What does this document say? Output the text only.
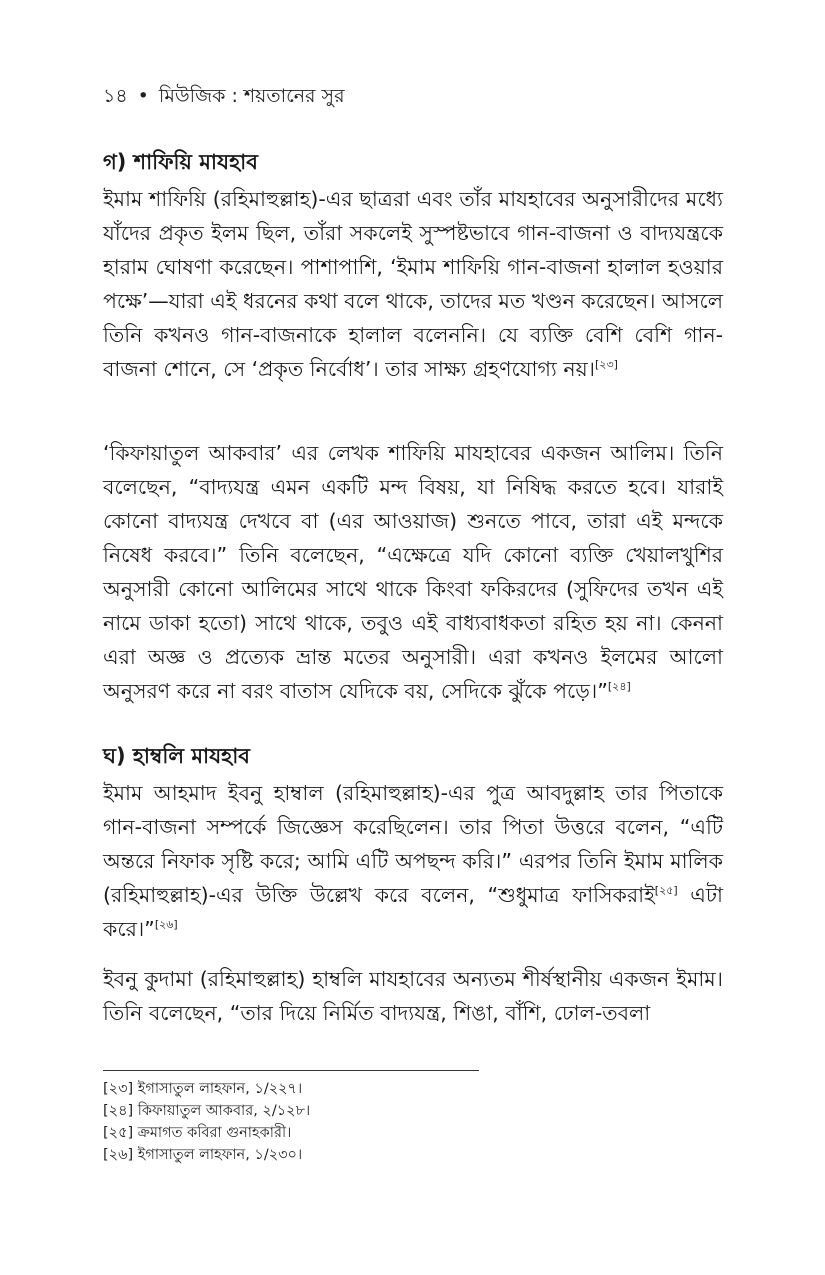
১৪ • মিউজিক : শয়তানের সুর
গ) শাফিয়ি মাযহাব

ইমাম শাফিয়ি (রহিমাহুল্লাহ)-এর ছাত্ররা এবং তাঁর মাযহাবের অনুসারীদের মধ্যে যাঁদের প্রকৃত ইলম ছিল, তাঁরা সকলেই সুস্পষ্টভাবে গান-বাজনা ও বাদ্যযন্ত্রকে হারাম ঘোষণা করেছেন। পাশাপাশি, ‘ইমাম শাফিয়ি গান-বাজনা হালাল হওয়ার পক্ষে’—যারা এই ধরনের কথা বলে থাকে, তাদের মত খণ্ডন করেছেন। আসলে তিনি কখনও গান-বাজনাকে হালাল বলেননি। যে ব্যক্তি বেশি বেশি গান-বাজনা শোনে, সে ‘প্রকৃত নির্বোধ’। তার সাক্ষ্য গ্রহণযোগ্য নয়।[২৩]

‘কিফায়াতুল আকবার’ এর লেখক শাফিয়ি মাযহাবের একজন আলিম। তিনি বলেছেন, “বাদ্যযন্ত্র এমন একটি মন্দ বিষয়, যা নিষিদ্ধ করতে হবে। যারাই কোনো বাদ্যযন্ত্র দেখবে বা (এর আওয়াজ) শুনতে পাবে, তারা এই মন্দকে নিষেধ করবে।” তিনি বলেছেন, “এক্ষেত্রে যদি কোনো ব্যক্তি খেয়ালখুশির অনুসারী কোনো আলিমের সাথে থাকে কিংবা ফকিরদের (সুফিদের তখন এই নামে ডাকা হতো) সাথে থাকে, তবুও এই বাধ্যবাধকতা রহিত হয় না। কেননা এরা অজ্ঞ ও প্রত্যেক ভ্রান্ত মতের অনুসারী। এরা কখনও ইলমের আলো অনুসরণ করে না বরং বাতাস যেদিকে বয়, সেদিকে ঝুঁকে পড়ে।”[২৪]

ঘ) হাম্বলি মাযহাব

ইমাম আহমাদ ইবনু হাম্বাল (রহিমাহুল্লাহ)-এর পুত্র আবদুল্লাহ তার পিতাকে গান-বাজনা সম্পর্কে জিজ্ঞেস করেছিলেন। তার পিতা উত্তরে বলেন, “এটি অন্তরে নিফাক সৃষ্টি করে; আমি এটি অপছন্দ করি।” এরপর তিনি ইমাম মালিক (রহিমাহুল্লাহ)-এর উক্তি উল্লেখ করে বলেন, “শুধুমাত্র ফাসিকরাই[২৫] এটা করে।”[২৬]

ইবনু কুদামা (রহিমাহুল্লাহ) হাম্বলি মাযহাবের অন্যতম শীর্ষস্থানীয় একজন ইমাম। তিনি বলেছেন, “তার দিয়ে নির্মিত বাদ্যযন্ত্র, শিঙা, বাঁশি, ঢোল-তবলা

[২৩] ইগাসাতুল লাহফান, ১/২২৭।
[২৪] কিফায়াতুল আকবার, ২/১২৮।
[২৫] ক্রমাগত কবিরা গুনাহকারী।
[২৬] ইগাসাতুল লাহফান, ১/২৩০।
